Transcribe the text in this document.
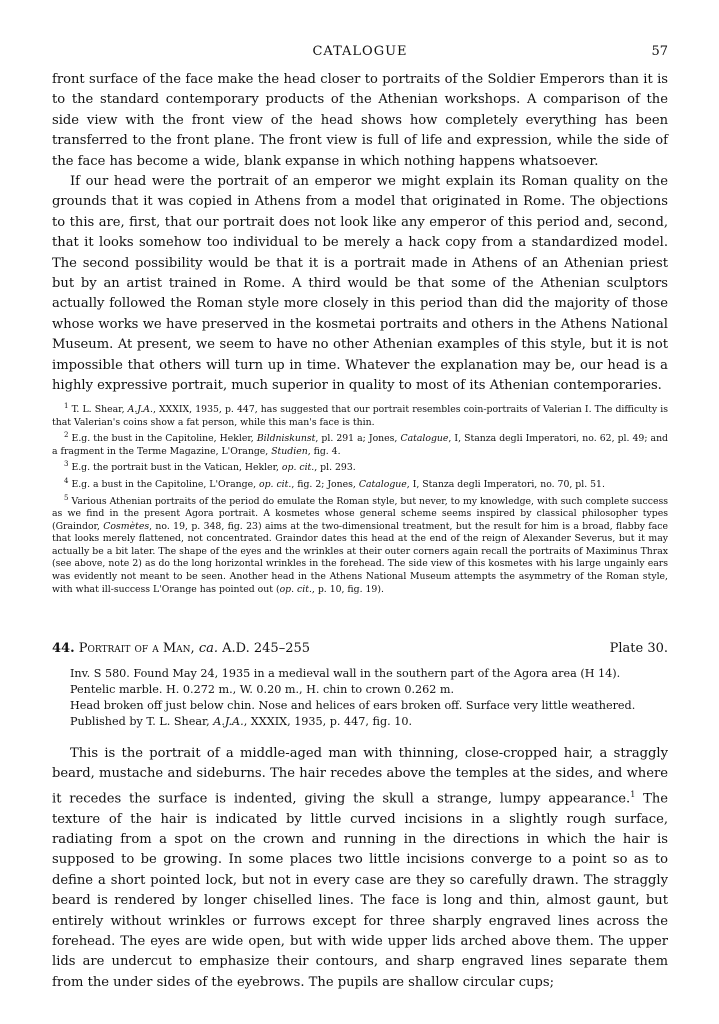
CATALOGUE	57

front surface of the face make the head closer to portraits of the Soldier Emperors than it is to the standard contemporary products of the Athenian workshops. A comparison of the side view with the front view of the head shows how completely everything has been transferred to the front plane. The front view is full of life and expression, while the side of the face has become a wide, blank expanse in which nothing happens whatsoever.

If our head were the portrait of an emperor we might explain its Roman quality on the grounds that it was copied in Athens from a model that originated in Rome. The objections to this are, first, that our portrait does not look like any emperor of this period and, second, that it looks somehow too individual to be merely a hack copy from a standardized model. The second possibility would be that it is a portrait made in Athens of an Athenian priest but by an artist trained in Rome. A third would be that some of the Athenian sculptors actually followed the Roman style more closely in this period than did the majority of those whose works we have preserved in the kosmetai portraits and others in the Athens National Museum. At present, we seem to have no other Athenian examples of this style, but it is not impossible that others will turn up in time. Whatever the explanation may be, our head is a highly expressive portrait, much superior in quality to most of its Athenian contemporaries.

$^1$ T. L. Shear, A.J.A., XXXIX, 1935, p. 447, has suggested that our portrait resembles coin-portraits of Valerian I. The difficulty is that Valerian's coins show a fat person, while this man's face is thin.

$^2$ E.g. the bust in the Capitoline, Hekler, Bildniskunst, pl. 291 a; Jones, Catalogue, I, Stanza degli Imperatori, no. 62, pl. 49; and a fragment in the Terme Magazine, L'Orange, Studien, fig. 4.

$^3$ E.g. the portrait bust in the Vatican, Hekler, op. cit., pl. 293.

$^4$ E.g. a bust in the Capitoline, L'Orange, op. cit., fig. 2; Jones, Catalogue, I, Stanza degli Imperatori, no. 70, pl. 51.

$^5$ Various Athenian portraits of the period do emulate the Roman style, but never, to my knowledge, with such complete success as we find in the present Agora portrait. A kosmetes whose general scheme seems inspired by classical philosopher types (Graindor, Cosmètes, no. 19, p. 348, fig. 23) aims at the two-dimensional treatment, but the result for him is a broad, flabby face that looks merely flattened, not concentrated. Graindor dates this head at the end of the reign of Alexander Severus, but it may actually be a bit later. The shape of the eyes and the wrinkles at their outer corners again recall the portraits of Maximinus Thrax (see above, note 2) as do the long horizontal wrinkles in the forehead. The side view of this kosmetes with his large ungainly ears was evidently not meant to be seen. Another head in the Athens National Museum attempts the asymmetry of the Roman style, with what ill-success L'Orange has pointed out (op. cit., p. 10, fig. 19).

44. Portrait of a Man, ca. A.D. 245–255	Plate 30.
Inv. S 580. Found May 24, 1935 in a medieval wall in the southern part of the Agora area (H 14).
Pentelic marble. H. 0.272 m., W. 0.20 m., H. chin to crown 0.262 m.
Head broken off just below chin. Nose and helices of ears broken off. Surface very little weathered.
Published by T. L. Shear, A.J.A., XXXIX, 1935, p. 447, fig. 10.

This is the portrait of a middle-aged man with thinning, close-cropped hair, a straggly beard, mustache and sideburns. The hair recedes above the temples at the sides, and where it recedes the surface is indented, giving the skull a strange, lumpy appearance.$^1$ The texture of the hair is indicated by little curved incisions in a slightly rough surface, radiating from a spot on the crown and running in the directions in which the hair is supposed to be growing. In some places two little incisions converge to a point so as to define a short pointed lock, but not in every case are they so carefully drawn. The straggly beard is rendered by longer chiselled lines. The face is long and thin, almost gaunt, but entirely without wrinkles or furrows except for three sharply engraved lines across the forehead. The eyes are wide open, but with wide upper lids arched above them. The upper lids are undercut to emphasize their contours, and sharp engraved lines separate them from the under sides of the eyebrows. The pupils are shallow circular cups;
